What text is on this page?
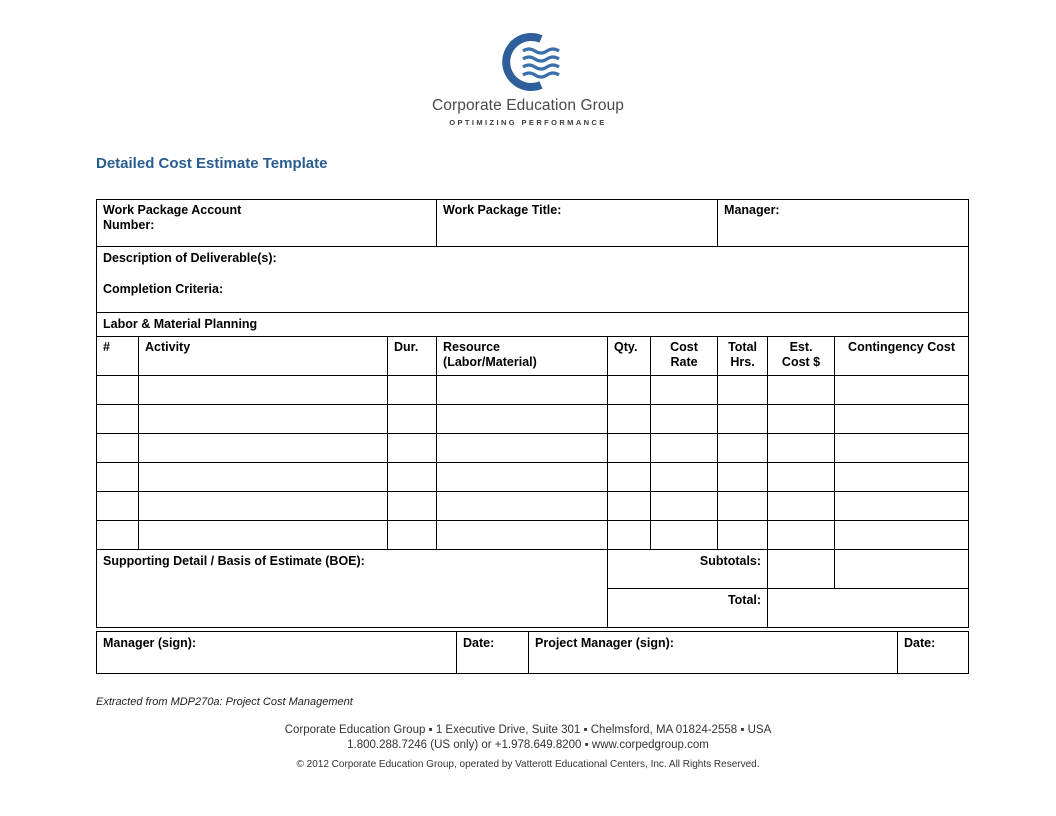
Corporate Education Group
OPTIMIZING PERFORMANCE
Detailed Cost Estimate Template
Work Package Account Number:			Work Package Title:			Manager:		

Description of Deliverable(s):
Completion Criteria:								

Labor & Material Planning								

#	Activity	Dur.	Resource (Labor/Material)	Qty.	Cost Rate	Total Hrs.	Est. Cost $	Contingency Cost

Supporting Detail / Basis of Estimate (BOE):				Subtotals:				

				Total:				

Manager (sign):	Date:	Project Manager (sign):	Date:
Extracted from MDP270a: Project Cost Management
Corporate Education Group ▪ 1 Executive Drive, Suite 301 ▪ Chelmsford, MA 01824-2558 ▪ USA
1.800.288.7246 (US only) or +1.978.649.8200 ▪ www.corpedgroup.com
© 2012 Corporate Education Group, operated by Vatterott Educational Centers, Inc. All Rights Reserved.
